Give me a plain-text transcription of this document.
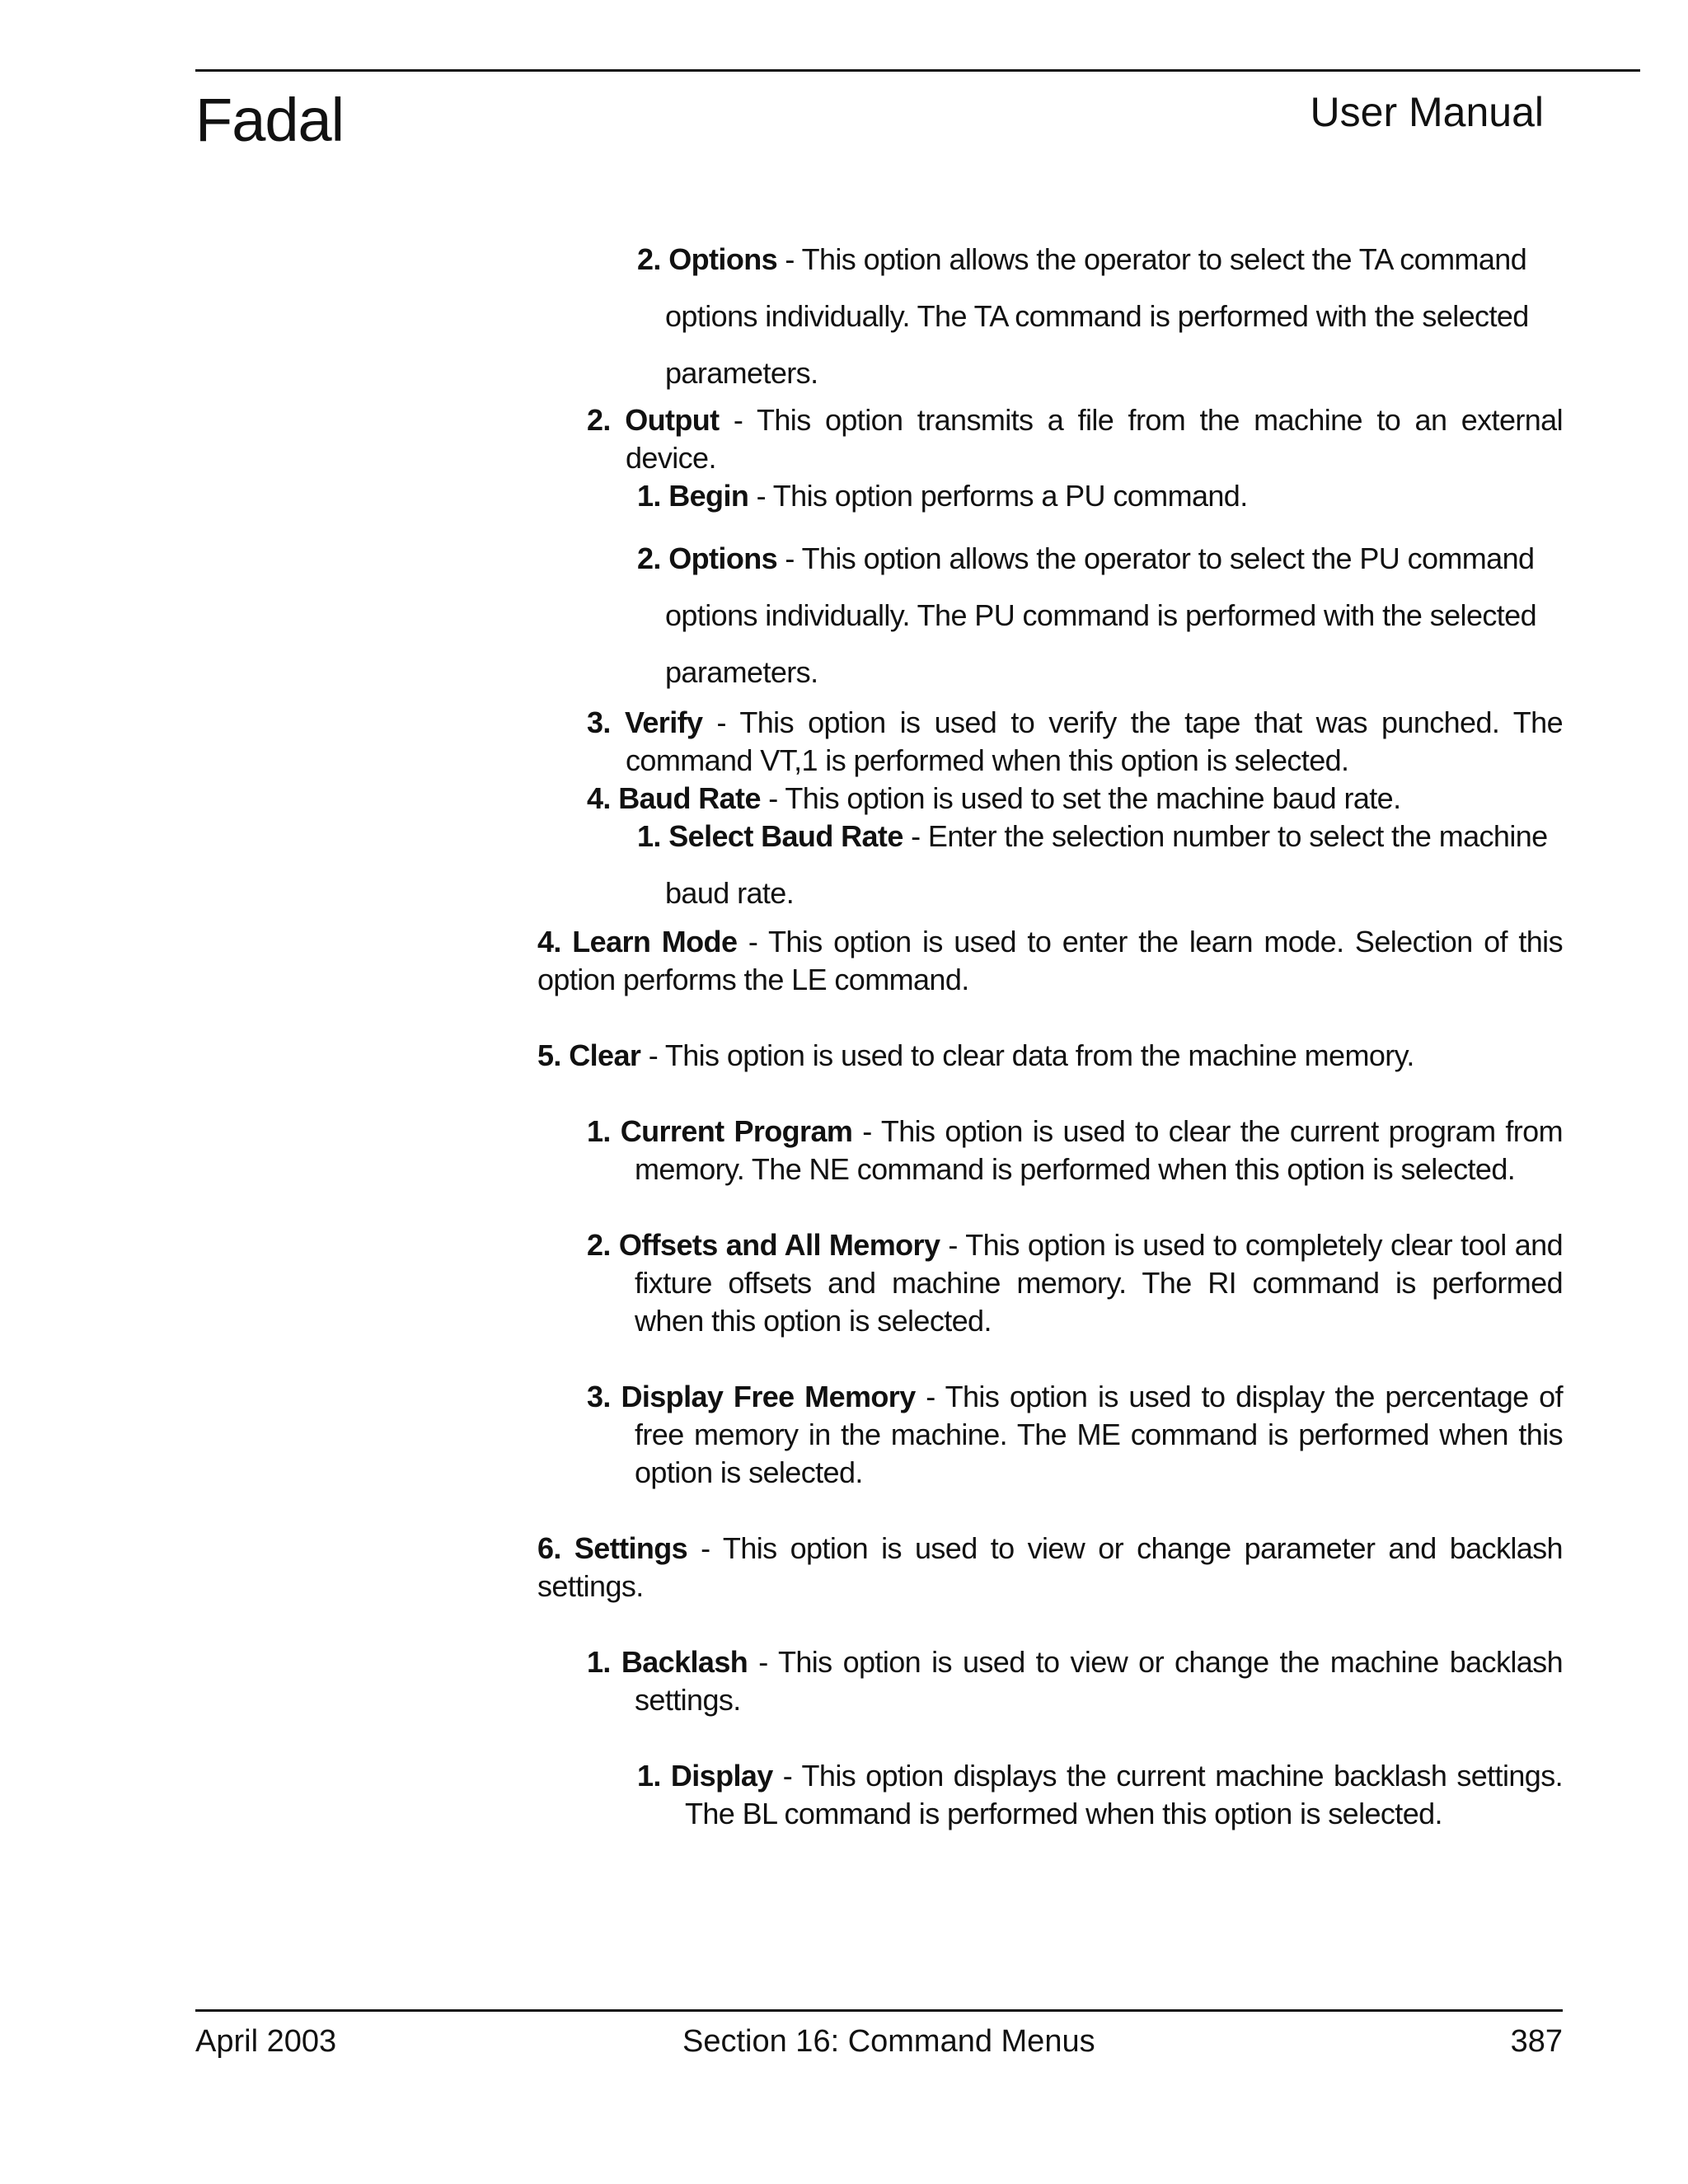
Fadal	User Manual

2. Options - This option allows the operator to select the TA command options individually. The TA command is performed with the selected parameters.

2. Output - This option transmits a file from the machine to an external device.

1. Begin - This option performs a PU command.

2. Options - This option allows the operator to select the PU command options individually. The PU command is performed with the selected parameters.

3. Verify - This option is used to verify the tape that was punched. The command VT,1 is performed when this option is selected.

4. Baud Rate - This option is used to set the machine baud rate.

1. Select Baud Rate - Enter the selection number to select the machine baud rate.

4. Learn Mode - This option is used to enter the learn mode. Selection of this option performs the LE command.

5. Clear - This option is used to clear data from the machine memory.

1. Current Program - This option is used to clear the current program from memory. The NE command is performed when this option is selected.

2. Offsets and All Memory - This option is used to completely clear tool and fixture offsets and machine memory. The RI command is performed when this option is selected.

3. Display Free Memory - This option is used to display the percentage of free memory in the machine. The ME command is performed when this option is selected.

6. Settings - This option is used to view or change parameter and backlash settings.

1. Backlash - This option is used to view or change the machine backlash settings.

1. Display - This option displays the current machine backlash settings. The BL command is performed when this option is selected.

April 2003	Section 16: Command Menus	387
